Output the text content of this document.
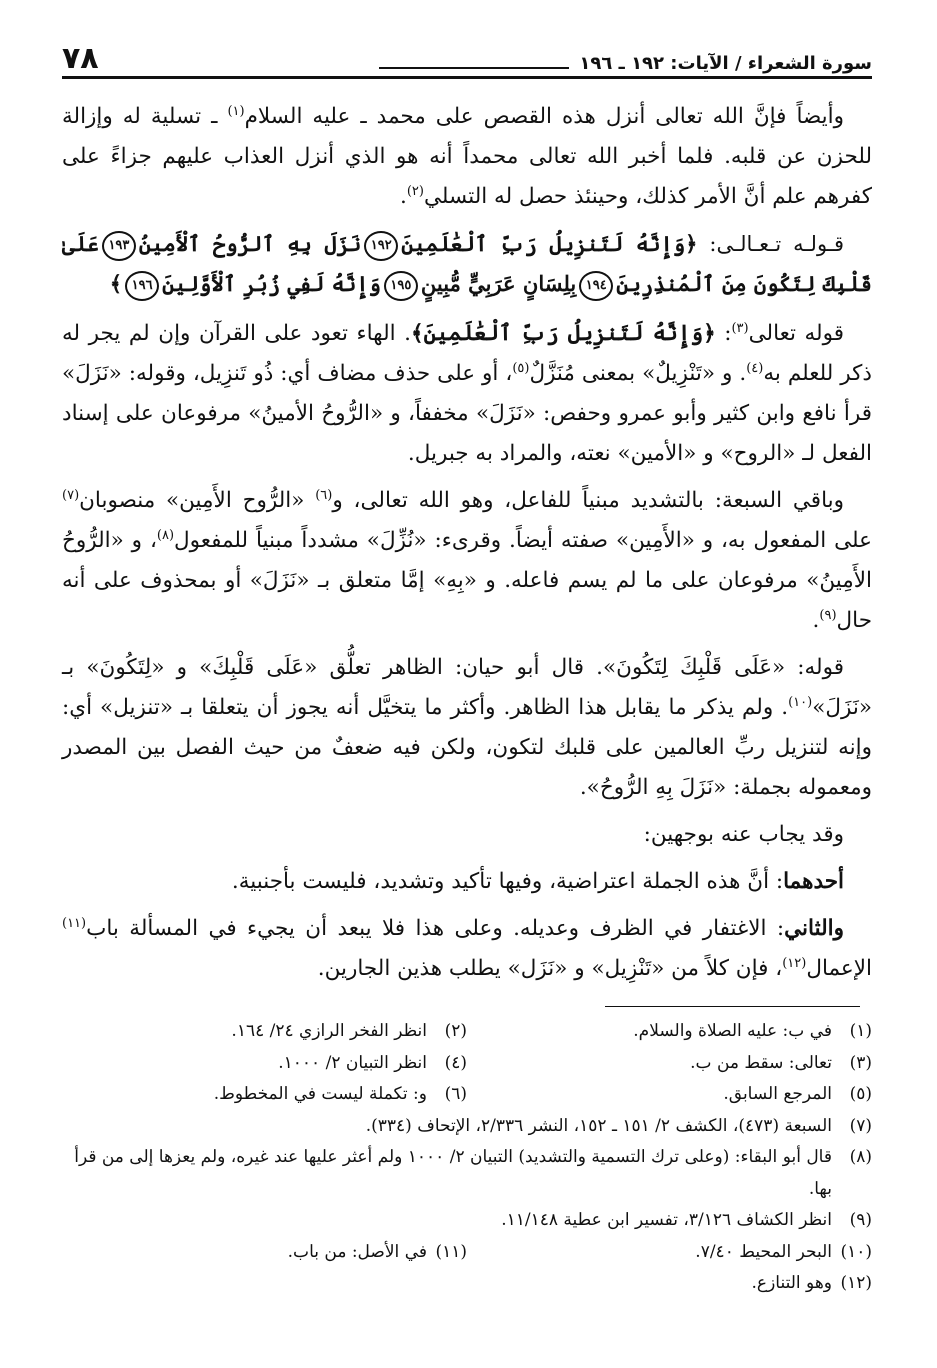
سورة الشعراء / الآيات: ١٩٢ ـ ١٩٦
٧٨

وأيضاً فإنَّ الله تعالى أنزل هذه القصص على محمد ـ عليه السلام$^{(١)}$ ـ تسلية له وإزالة للحزن عن قلبه. فلما أخبر الله تعالى محمداً أنه هو الذي أنزل العذاب عليهم جزاءً على كفرهم علم أنَّ الأمر كذلك، وحينئذ حصل له التسلي$^{(٢)}$.

قـولـه تـعـالـى: ﴿وَإِنَّهُ لَتَنزِيلُ رَبِّ ٱلْعَٰلَمِينَ١٩٢نَزَلَ بِهِ ٱلرُّوحُ ٱلْأَمِينُ١٩٣عَلَىٰ قَلْبِكَ لِتَكُونَ مِنَ ٱلْمُنذِرِينَ١٩٤بِلِسَانٍ عَرَبِيٍّ مُّبِينٍ١٩٥وَإِنَّهُ لَفِي زُبُرِ ٱلْأَوَّلِينَ١٩٦﴾

قوله تعالى$^{(٣)}$: ﴿وَإِنَّهُ لَتَنزِيلُ رَبِّ ٱلْعَٰلَمِينَ﴾. الهاء تعود على القرآن وإن لم يجر له ذكر للعلم به$^{(٤)}$. و «تَنْزِيلٌ» بمعنى مُنَزَّلٌ$^{(٥)}$، أو على حذف مضاف أي: ذُو تَنزِيل، وقوله: «نَزَلَ» قرأ نافع وابن كثير وأبو عمرو وحفص: «نَزَلَ» مخففاً، و «الرُّوحُ الأمينُ» مرفوعان على إسناد الفعل لـ «الروح» و «الأمين» نعته، والمراد به جبريل.

وباقي السبعة: بالتشديد مبنياً للفاعل، وهو الله تعالى، و$^{(٦)}$ «الرُّوح الأَمِين» منصوبان$^{(٧)}$ على المفعول به، و «الأَمِين» صفته أيضاً. وقرىء: «نُزِّلَ» مشدداً مبنياً للمفعول$^{(٨)}$، و «الرُّوحُ الأَمِينُ» مرفوعان على ما لم يسم فاعله. و «بِهِ» إمَّا متعلق بـ «نَزَلَ» أو بمحذوف على أنه حال$^{(٩)}$.

قوله: «عَلَى قَلْبِكَ لِتَكُونَ». قال أبو حيان: الظاهر تعلُّق «عَلَى قَلْبِكَ» و «لِتَكُونَ» بـ «نَزَلَ»$^{(١٠)}$. ولم يذكر ما يقابل هذا الظاهر. وأكثر ما يتخيَّل أنه يجوز أن يتعلقا بـ «تنزيل» أي: وإنه لتنزيل ربِّ العالمين على قلبك لتكون، ولكن فيه ضعفٌ من حيث الفصل بين المصدر ومعموله بجملة: «نَزَلَ بِهِ الرُّوحُ».

وقد يجاب عنه بوجهين:

أحدهما: أنَّ هذه الجملة اعتراضية، وفيها تأكيد وتشديد، فليست بأجنبية.

والثاني: الاغتفار في الظرف وعديله. وعلى هذا فلا يبعد أن يجيء في المسألة باب$^{(١١)}$ الإعمال$^{(١٢)}$، فإن كلاً من «تَنْزِيل» و «نَزَل» يطلب هذين الجارين.

(١)
في ب: عليه الصلاة والسلام.
(٢)
انظر الفخر الرازي ٢٤/ ١٦٤.
(٣)
تعالى: سقط من ب.
(٤)
انظر التبيان ٢/ ١٠٠٠.
(٥)
المرجع السابق.
(٦)
و: تكملة ليست في المخطوط.
(٧)
السبعة (٤٧٣)، الكشف ٢/ ١٥١ ـ ١٥٢، النشر ٢/٣٣٦، الإتحاف (٣٣٤).
(٨)
قال أبو البقاء: (وعلى ترك التسمية والتشديد) التبيان ٢/ ١٠٠٠ ولم أعثر عليها عند غيره، ولم يعزها إلى من قرأ بها.
(٩)
انظر الكشاف ٣/١٢٦، تفسير ابن عطية ١١/١٤٨.
(١٠)
البحر المحيط ٧/٤٠.
(١١)
في الأصل: من باب.
(١٢)
وهو التنازع.
